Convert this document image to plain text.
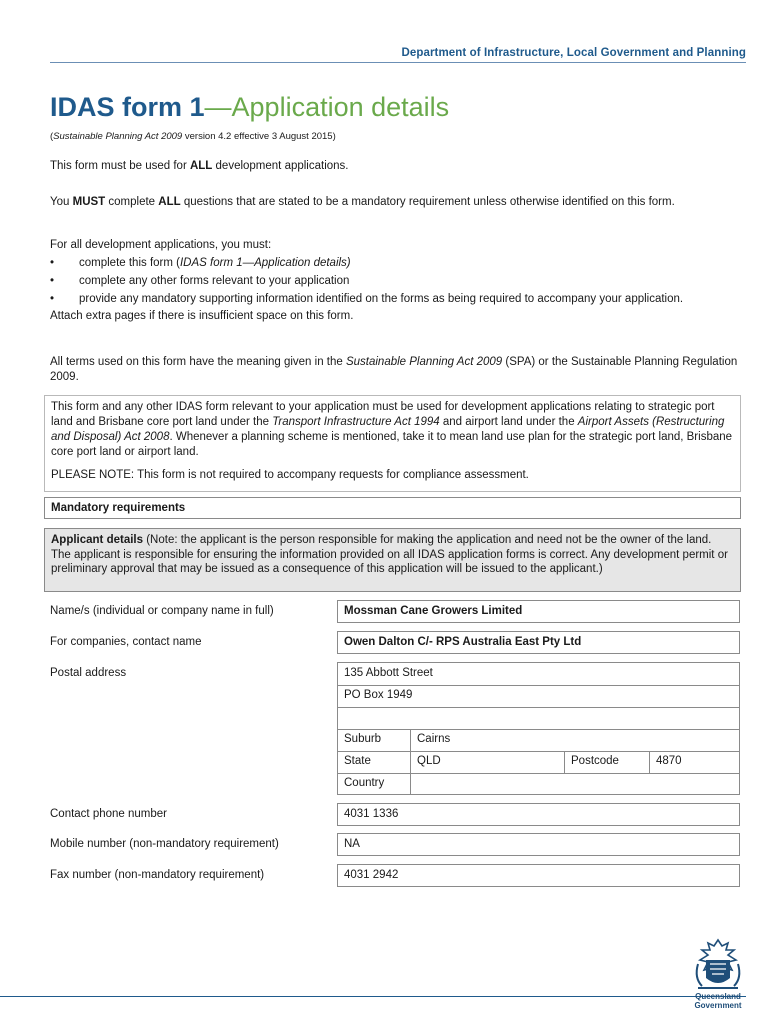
Department of Infrastructure, Local Government and Planning
IDAS form 1—Application details
(Sustainable Planning Act 2009 version 4.2 effective 3 August 2015)
This form must be used for ALL development applications.
You MUST complete ALL questions that are stated to be a mandatory requirement unless otherwise identified on this form.
For all development applications, you must:
• complete this form (IDAS form 1—Application details)
• complete any other forms relevant to your application
• provide any mandatory supporting information identified on the forms as being required to accompany your application.
Attach extra pages if there is insufficient space on this form.
All terms used on this form have the meaning given in the Sustainable Planning Act 2009 (SPA) or the Sustainable Planning Regulation 2009.
This form and any other IDAS form relevant to your application must be used for development applications relating to strategic port land and Brisbane core port land under the Transport Infrastructure Act 1994 and airport land under the Airport Assets (Restructuring and Disposal) Act 2008. Whenever a planning scheme is mentioned, take it to mean land use plan for the strategic port land, Brisbane core port land or airport land.
PLEASE NOTE: This form is not required to accompany requests for compliance assessment.
Mandatory requirements
Applicant details (Note: the applicant is the person responsible for making the application and need not be the owner of the land. The applicant is responsible for ensuring the information provided on all IDAS application forms is correct. Any development permit or preliminary approval that may be issued as a consequence of this application will be issued to the applicant.)
Name/s (individual or company name in full)	Mossman Cane Growers Limited
For companies, contact name	Owen Dalton C/- RPS Australia East Pty Ltd
Postal address	135 Abbott Street
PO Box 1949
Suburb	Cairns
State	QLD	Postcode	4870
Country
Contact phone number	4031 1336
Mobile number (non-mandatory requirement)	NA
Fax number (non-mandatory requirement)	4031 2942
Queensland
Government
